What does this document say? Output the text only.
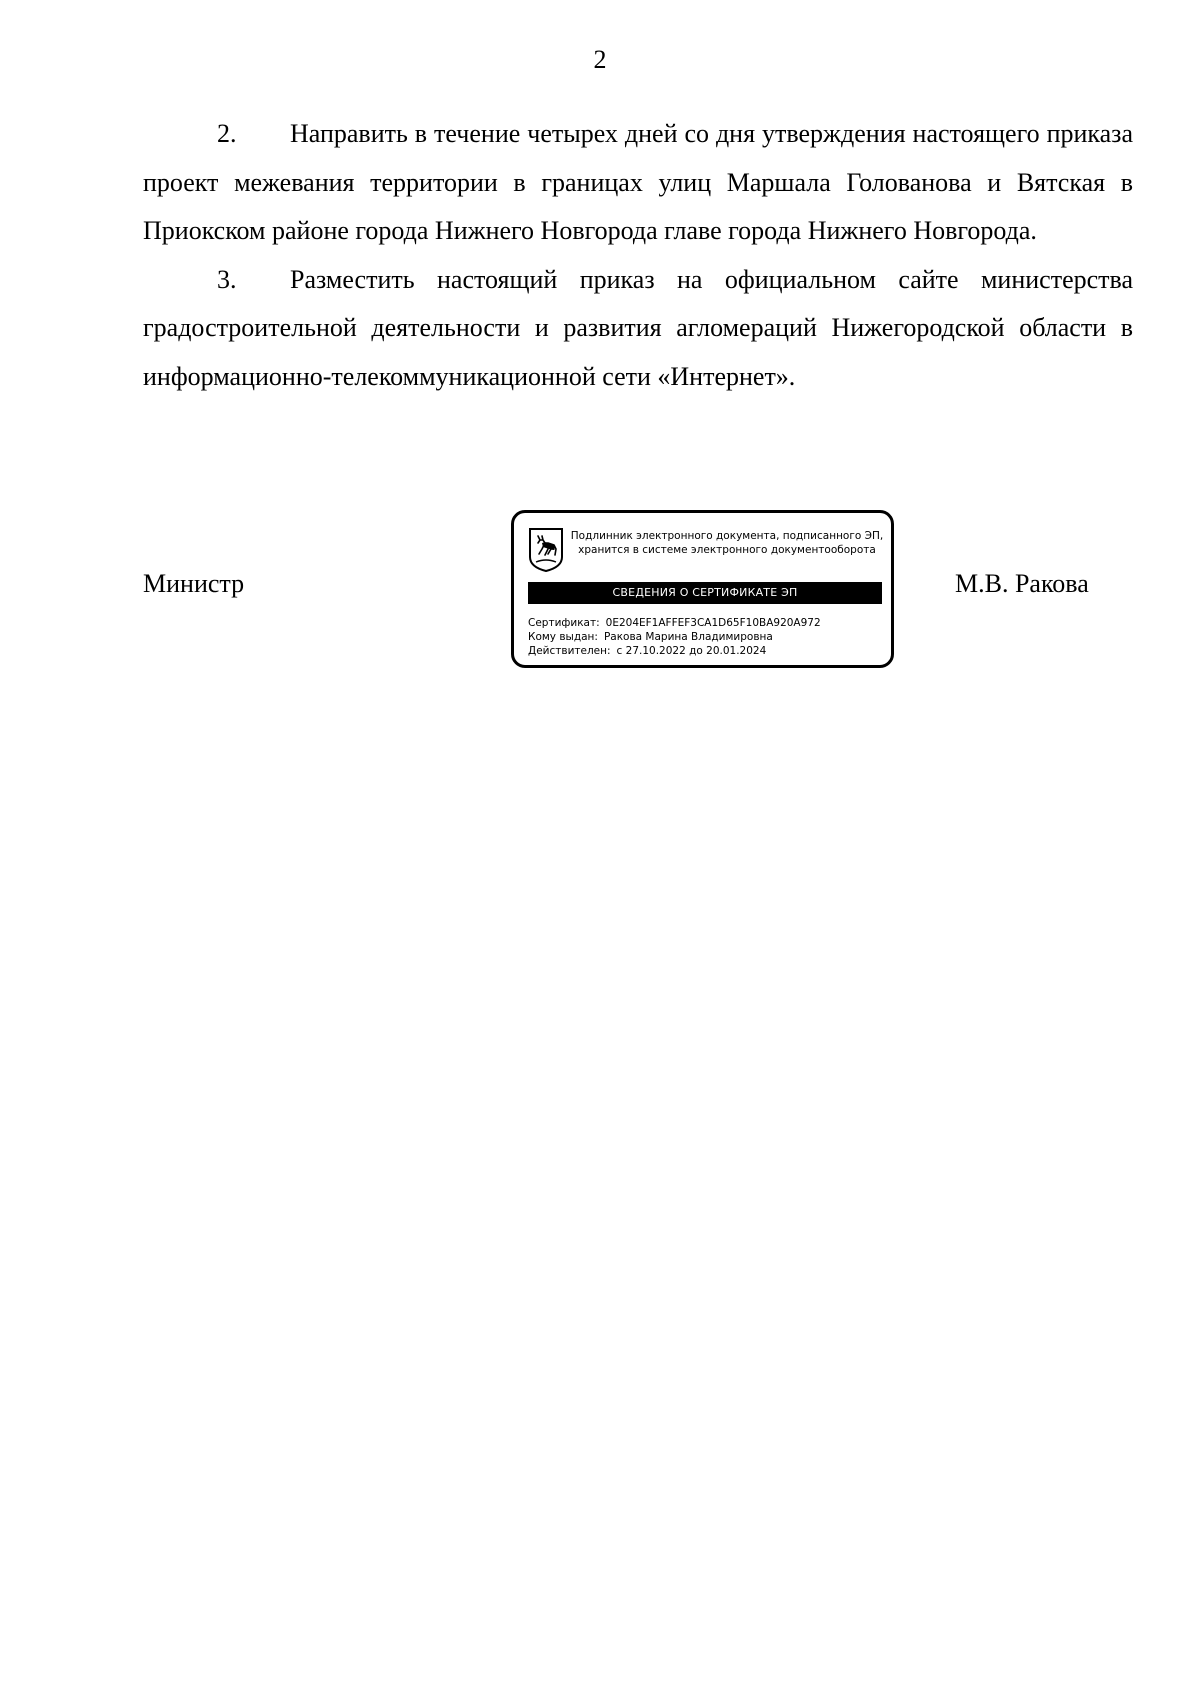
2

2. Направить в течение четырех дней со дня утверждения настоящего приказа проект межевания территории в границах улиц Маршала Голованова и Вятская в Приокском районе города Нижнего Новгорода главе города Нижнего Новгорода.

3. Разместить настоящий приказ на официальном сайте министерства градостроительной деятельности и развития агломераций Нижегородской области в информационно-телекоммуникационной сети «Интернет».

Министр
Подлинник электронного документа, подписанного ЭП,
хранится в системе электронного документооборота
СВЕДЕНИЯ О СЕРТИФИКАТЕ ЭП
Сертификат: 0E204EF1AFFEF3CA1D65F10BA920A972
Кому выдан: Ракова Марина Владимировна
Действителен: с 27.10.2022 до 20.01.2024
М.В. Ракова
